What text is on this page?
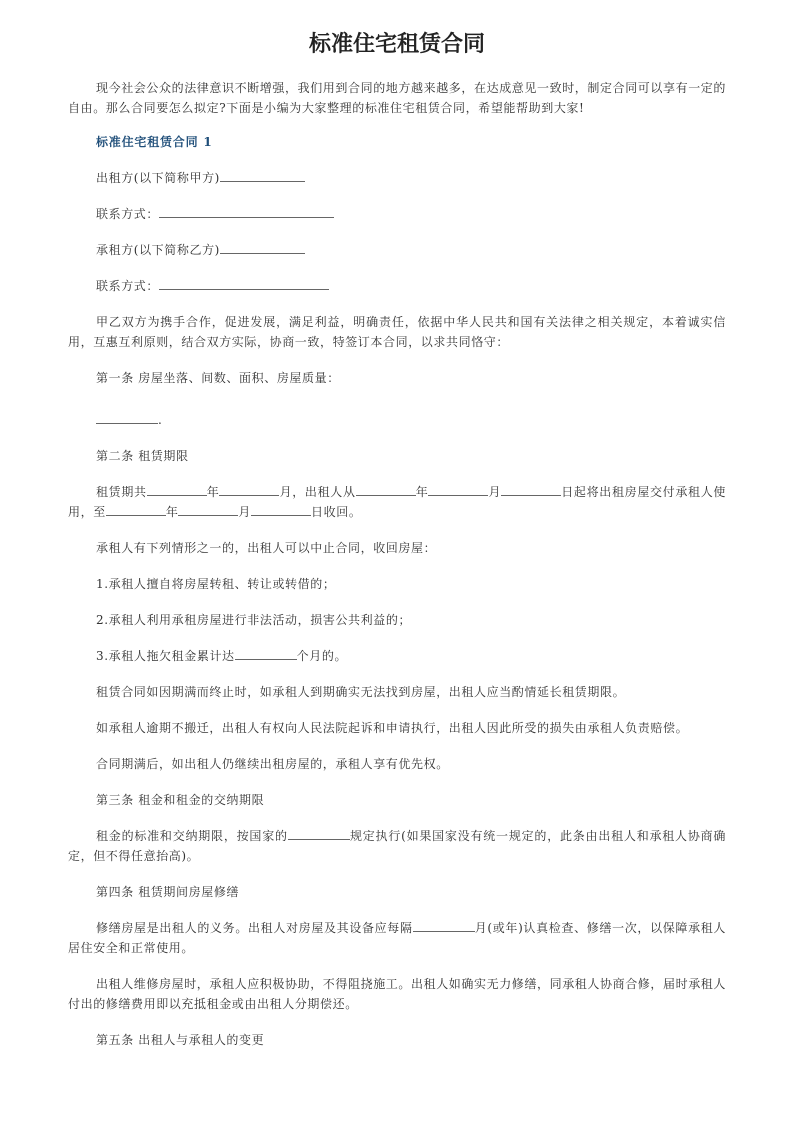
标准住宅租赁合同

现今社会公众的法律意识不断增强，我们用到合同的地方越来越多，在达成意见一致时，制定合同可以享有一定的自由。那么合同要怎么拟定?下面是小编为大家整理的标准住宅租赁合同，希望能帮助到大家!

标准住宅租赁合同 1

出租方(以下简称甲方)

联系方式：

承租方(以下简称乙方)

联系方式：

甲乙双方为携手合作，促进发展，满足利益，明确责任，依据中华人民共和国有关法律之相关规定，本着诚实信用，互惠互利原则，结合双方实际，协商一致，特签订本合同，以求共同恪守：

第一条 房屋坐落、间数、面积、房屋质量：

.

第二条 租赁期限

租赁期共	年	月，出租人从	年	月	日起将出租房屋交付承租人使用，至	年	月	日收回。

承租人有下列情形之一的，出租人可以中止合同，收回房屋：

1.承租人擅自将房屋转租、转让或转借的；

2.承租人利用承租房屋进行非法活动，损害公共利益的；

3.承租人拖欠租金累计达	个月的。

租赁合同如因期满而终止时，如承租人到期确实无法找到房屋，出租人应当酌情延长租赁期限。

如承租人逾期不搬迁，出租人有权向人民法院起诉和申请执行，出租人因此所受的损失由承租人负责赔偿。

合同期满后，如出租人仍继续出租房屋的，承租人享有优先权。

第三条 租金和租金的交纳期限

租金的标准和交纳期限，按国家的	规定执行(如果国家没有统一规定的，此条由出租人和承租人协商确定，但不得任意抬高)。

第四条 租赁期间房屋修缮

修缮房屋是出租人的义务。出租人对房屋及其设备应每隔	月(或年)认真检查、修缮一次，以保障承租人居住安全和正常使用。

出租人维修房屋时，承租人应积极协助，不得阻挠施工。出租人如确实无力修缮，同承租人协商合修，届时承租人付出的修缮费用即以充抵租金或由出租人分期偿还。

第五条 出租人与承租人的变更
